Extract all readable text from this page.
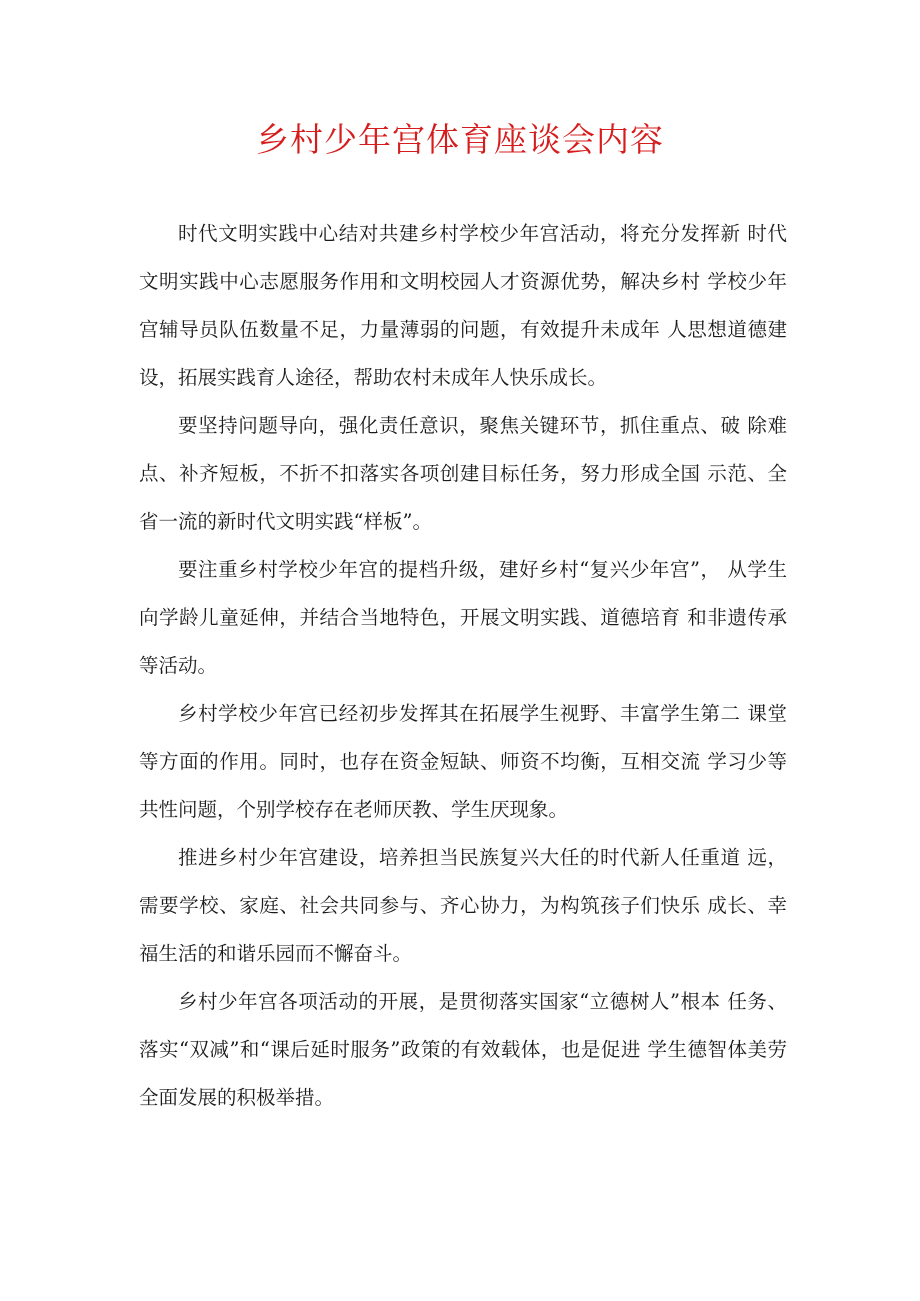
乡村少年宫体育座谈会内容

时代文明实践中心结对共建乡村学校少年宫活动，将充分发挥新 时代文明实践中心志愿服务作用和文明校园人才资源优势，解决乡村 学校少年宫辅导员队伍数量不足，力量薄弱的问题，有效提升未成年 人思想道德建设，拓展实践育人途径，帮助农村未成年人快乐成长。

要坚持问题导向，强化责任意识，聚焦关键环节，抓住重点、破 除难点、补齐短板，不折不扣落实各项创建目标任务，努力形成全国 示范、全省一流的新时代文明实践“样板”。

要注重乡村学校少年宫的提档升级，建好乡村“复兴少年宫”， 从学生向学龄儿童延伸，并结合当地特色，开展文明实践、道德培育 和非遗传承等活动。

乡村学校少年宫已经初步发挥其在拓展学生视野、丰富学生第二 课堂等方面的作用。同时，也存在资金短缺、师资不均衡，互相交流 学习少等共性问题，个别学校存在老师厌教、学生厌现象。

推进乡村少年宫建设，培养担当民族复兴大任的时代新人任重道 远，需要学校、家庭、社会共同参与、齐心协力，为构筑孩子们快乐 成长、幸福生活的和谐乐园而不懈奋斗。

乡村少年宫各项活动的开展，是贯彻落实国家“立德树人”根本 任务、落实“双减”和“课后延时服务”政策的有效载体，也是促进 学生德智体美劳全面发展的积极举措。
